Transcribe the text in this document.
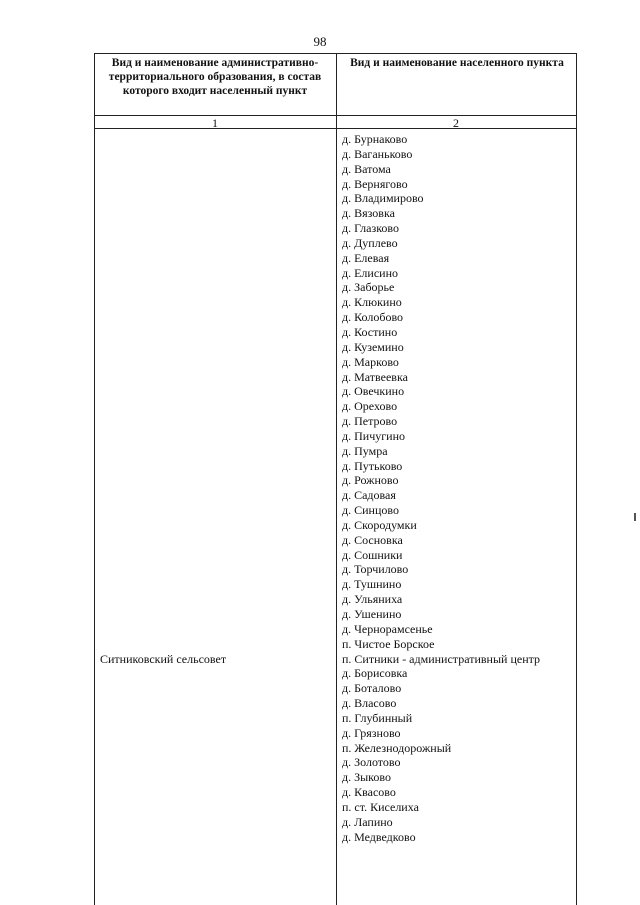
98
Вид и наименование административно-территориального образования, в состав которого входит населенный пункт
Вид и наименование населенного пункта
1	2
Ситниковский сельсовет
д. Бурнаково
д. Ваганьково
д. Ватома
д. Вернягово
д. Владимирово
д. Вязовка
д. Глазково
д. Дуплево
д. Елевая
д. Елисино
д. Заборье
д. Клюкино
д. Колобово
д. Костино
д. Куземино
д. Марково
д. Матвеевка
д. Овечкино
д. Орехово
д. Петрово
д. Пичугино
д. Пумра
д. Путьково
д. Рожново
д. Садовая
д. Синцово
д. Скородумки
д. Сосновка
д. Сошники
д. Торчилово
д. Тушнино
д. Ульяниха
д. Ушенино
д. Чернорамсенье
п. Чистое Борское
п. Ситники - административный центр
д. Борисовка
д. Боталово
д. Власово
п. Глубинный
д. Грязново
п. Железнодорожный
д. Золотово
д. Зыково
д. Квасово
п. ст. Киселиха
д. Лапино
д. Медведково
